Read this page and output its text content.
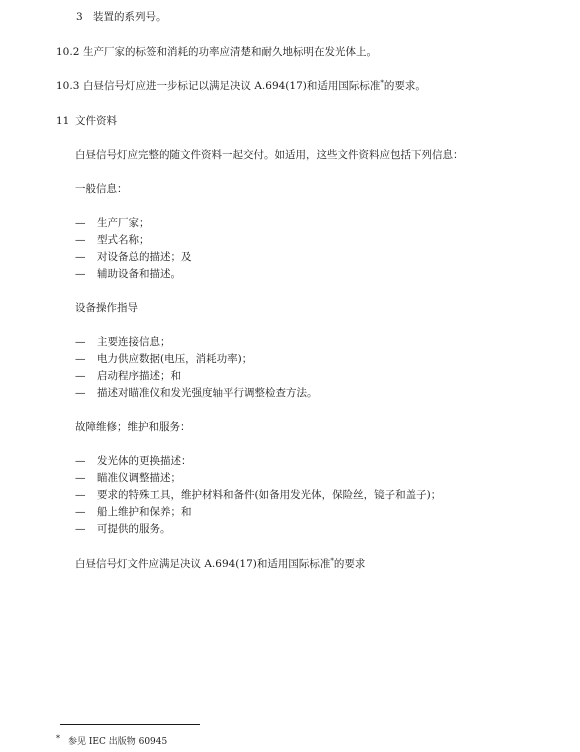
3 装置的系列号。
10.2 生产厂家的标签和消耗的功率应清楚和耐久地标明在发光体上。
10.3 白昼信号灯应进一步标记以满足决议 A.694(17)和适用国际标准*的要求。
11 文件资料
白昼信号灯应完整的随文件资料一起交付。如适用，这些文件资料应包括下列信息：
一般信息：
— 生产厂家；
— 型式名称；
— 对设备总的描述；及
— 辅助设备和描述。
设备操作指导
— 主要连接信息；
— 电力供应数据(电压，消耗功率)；
— 启动程序描述；和
— 描述对瞄准仪和发光强度轴平行调整检查方法。
故障维修；维护和服务：
— 发光体的更换描述：
— 瞄准仪调整描述；
— 要求的特殊工具，维护材料和备件(如备用发光体，保险丝，镜子和盖子)；
— 船上维护和保养；和
— 可提供的服务。
白昼信号灯文件应满足决议 A.694(17)和适用国际标准*的要求
* 参见 IEC 出版物 60945
